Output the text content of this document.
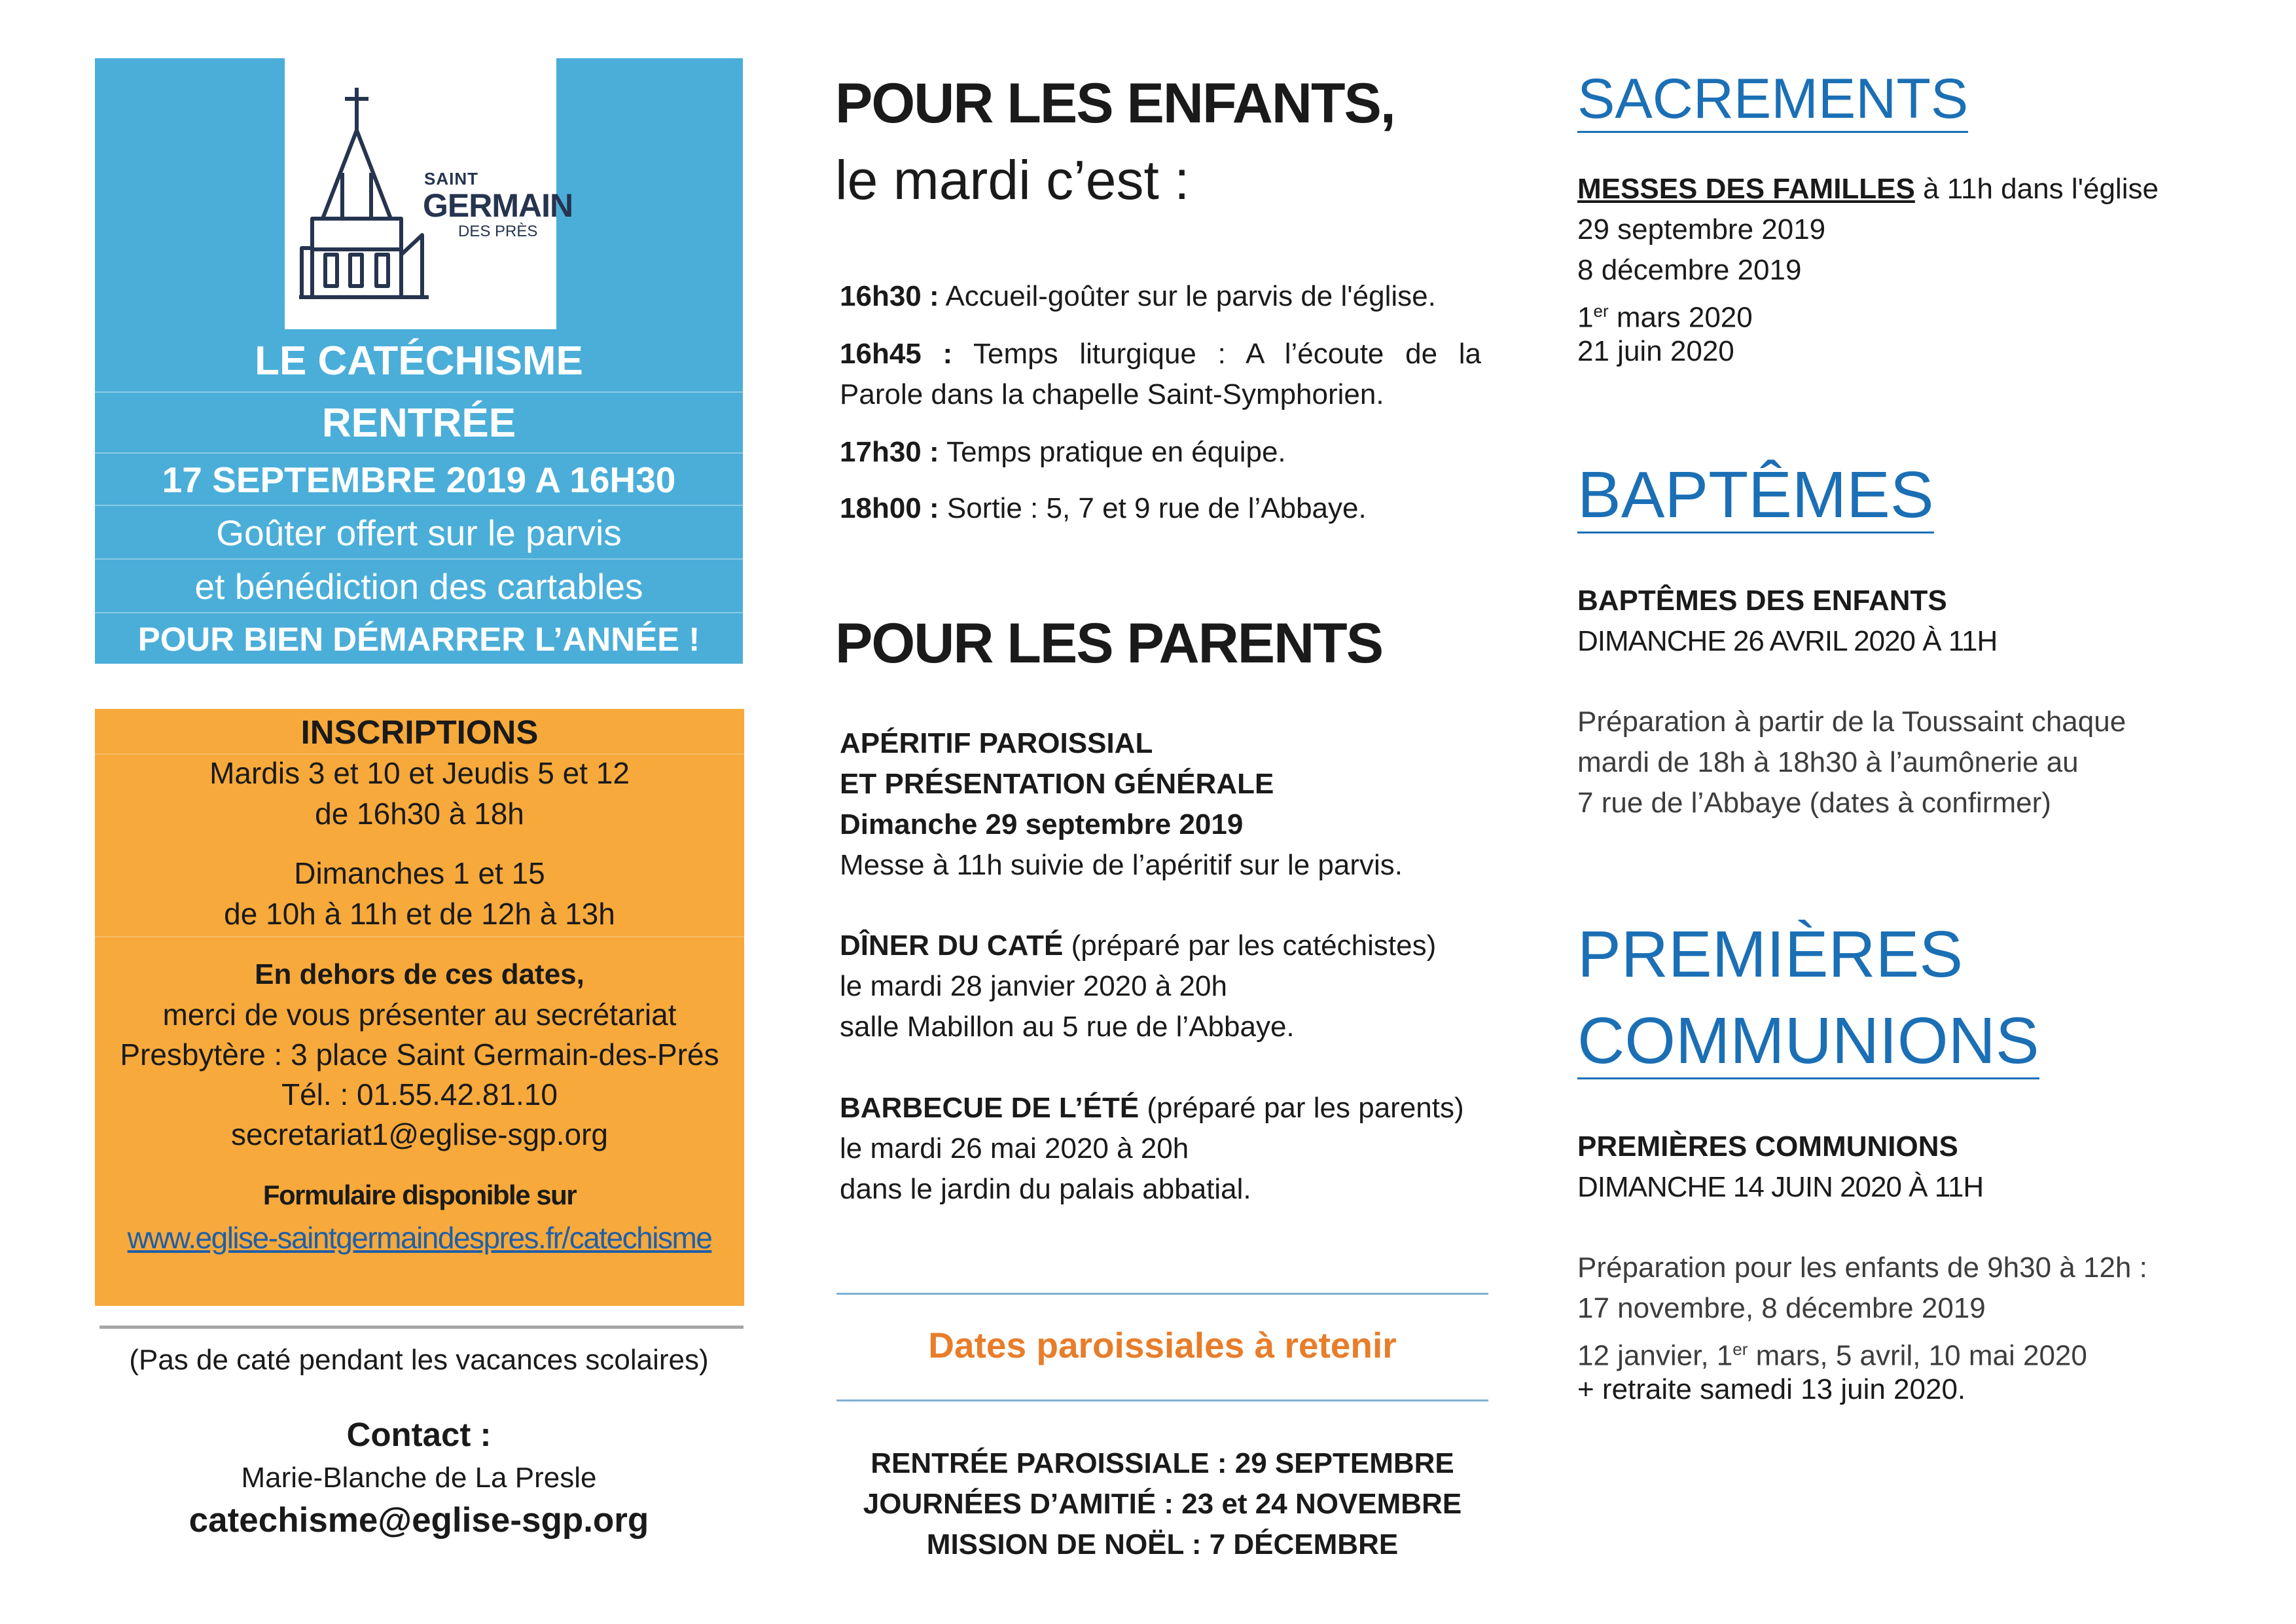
SAINT
GERMAIN
DES PRÈS
LE CATÉCHISME
RENTRÉE
17 SEPTEMBRE 2019 A 16H30
Goûter offert sur le parvis
et bénédiction des cartables
POUR BIEN DÉMARRER L’ANNÉE !
INSCRIPTIONS
Mardis 3 et 10 et Jeudis 5 et 12
de 16h30 à 18h
Dimanches 1 et 15
de 10h à 11h et de 12h à 13h
En dehors de ces dates,
merci de vous présenter au secrétariat
Presbytère : 3 place Saint Germain-des-Prés
Tél. : 01.55.42.81.10
secretariat1@eglise-sgp.org
Formulaire disponible sur
www.eglise-saintgermaindespres.fr/catechisme
(Pas de caté pendant les vacances scolaires)
Contact :
Marie-Blanche de La Presle
catechisme@eglise-sgp.org
POUR LES ENFANTS,
le mardi c’est :
16h30 : Accueil-goûter sur le parvis de l'église.
16h45 : Temps liturgique : A l’écoute de la
Parole dans la chapelle Saint-Symphorien.
17h30 : Temps pratique en équipe.
18h00 : Sortie : 5, 7 et 9 rue de l’Abbaye.
POUR LES PARENTS
APÉRITIF PAROISSIAL
ET PRÉSENTATION GÉNÉRALE
Dimanche 29 septembre 2019
Messe à 11h suivie de l’apéritif sur le parvis.
DÎNER DU CATÉ (préparé par les catéchistes)
le mardi 28 janvier 2020 à 20h
salle Mabillon au 5 rue de l’Abbaye.
BARBECUE DE L’ÉTÉ (préparé par les parents)
le mardi 26 mai 2020 à 20h
dans le jardin du palais abbatial.
Dates paroissiales à retenir
RENTRÉE PAROISSIALE : 29 SEPTEMBRE
JOURNÉES D’AMITIÉ : 23 et 24 NOVEMBRE
MISSION DE NOËL : 7 DÉCEMBRE
SACREMENTS
MESSES DES FAMILLES à 11h dans l'église
29 septembre 2019
8 décembre 2019
1er mars 2020
21 juin 2020
BAPTÊMES
BAPTÊMES DES ENFANTS
DIMANCHE 26 AVRIL 2020 À 11H
Préparation à partir de la Toussaint chaque
mardi de 18h à 18h30 à l’aumônerie au
7 rue de l’Abbaye (dates à confirmer)
PREMIÈRES
COMMUNIONS
PREMIÈRES COMMUNIONS
DIMANCHE 14 JUIN 2020 À 11H
Préparation pour les enfants de 9h30 à 12h :
17 novembre, 8 décembre 2019
12 janvier, 1er mars, 5 avril, 10 mai 2020
+ retraite samedi 13 juin 2020.
